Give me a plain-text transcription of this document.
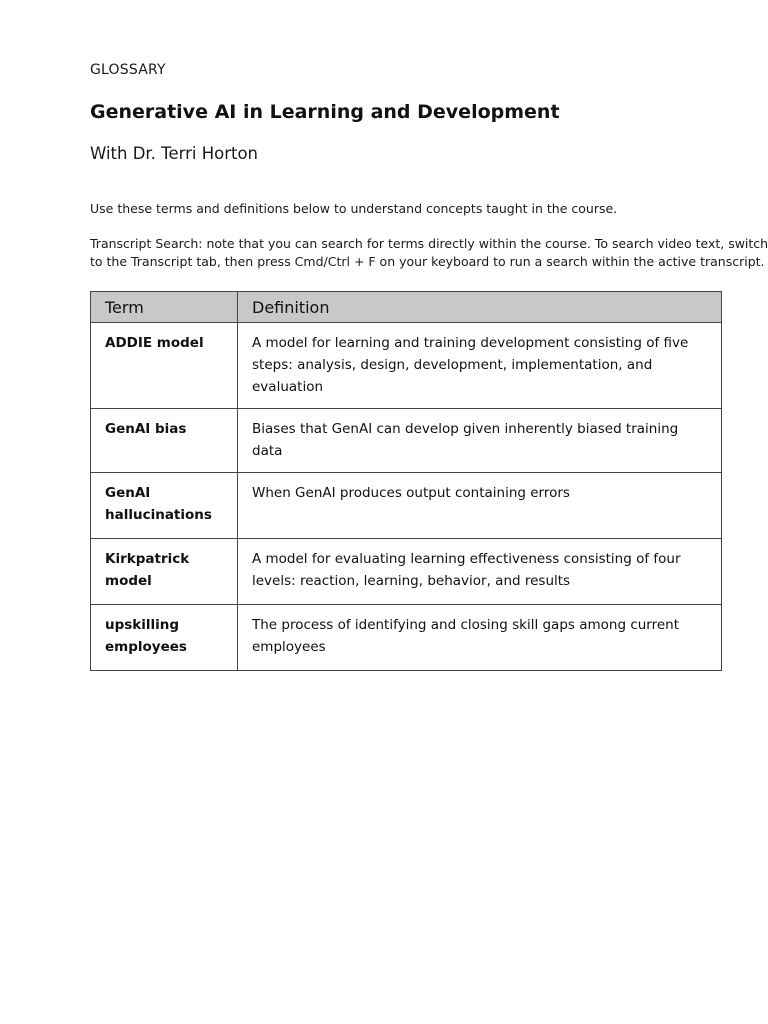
GLOSSARY
Generative AI in Learning and Development
With Dr. Terri Horton
Use these terms and definitions below to understand concepts taught in the course.
Transcript Search: note that you can search for terms directly within the course. To search video text, switch
to the Transcript tab, then press Cmd/Ctrl + F on your keyboard to run a search within the active transcript.
Term	Definition
ADDIE model	A model for learning and training development consisting of five steps: analysis, design, development, implementation, and evaluation
GenAI bias	Biases that GenAI can develop given inherently biased training data
GenAI hallucinations	When GenAI produces output containing errors
Kirkpatrick model	A model for evaluating learning effectiveness consisting of four levels: reaction, learning, behavior, and results
upskilling employees	The process of identifying and closing skill gaps among current employees
